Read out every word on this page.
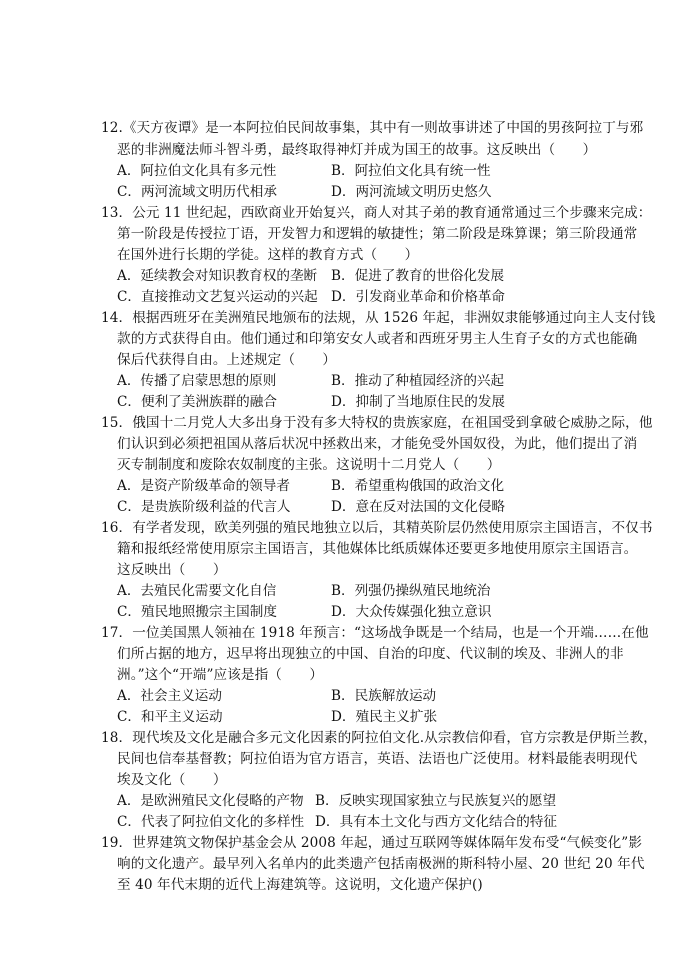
12.《天方夜谭》是一本阿拉伯民间故事集，其中有一则故事讲述了中国的男孩阿拉丁与邪
恶的非洲魔法师斗智斗勇，最终取得神灯并成为国王的故事。这反映出（　　）
A．阿拉伯文化具有多元性	B．阿拉伯文化具有统一性
C．两河流域文明历代相承	D．两河流域文明历史悠久
13．公元 11 世纪起，西欧商业开始复兴，商人对其子弟的教育通常通过三个步骤来完成：
第一阶段是传授拉丁语，开发智力和逻辑的敏捷性；第二阶段是珠算课；第三阶段通常
在国外进行长期的学徒。这样的教育方式（　　）
A．延续教会对知识教育权的垄断 B．促进了教育的世俗化发展
C．直接推动文艺复兴运动的兴起 D．引发商业革命和价格革命
14．根据西班牙在美洲殖民地颁布的法规，从 1526 年起，非洲奴隶能够通过向主人支付钱
款的方式获得自由。他们通过和印第安女人或者和西班牙男主人生育子女的方式也能确
保后代获得自由。上述规定（　　）
A．传播了启蒙思想的原则	B．推动了种植园经济的兴起
C．便利了美洲族群的融合	D．抑制了当地原住民的发展
15．俄国十二月党人大多出身于没有多大特权的贵族家庭，在祖国受到拿破仑威胁之际，他
们认识到必须把祖国从落后状况中拯救出来，才能免受外国奴役，为此，他们提出了消
灭专制制度和废除农奴制度的主张。这说明十二月党人（　　）
A．是资产阶级革命的领导者	B．希望重构俄国的政治文化
C．是贵族阶级利益的代言人	D．意在反对法国的文化侵略
16．有学者发现，欧美列强的殖民地独立以后，其精英阶层仍然使用原宗主国语言，不仅书
籍和报纸经常使用原宗主国语言，其他媒体比纸质媒体还要更多地使用原宗主国语言。
这反映出（　　）
A．去殖民化需要文化自信	B．列强仍操纵殖民地统治
C．殖民地照搬宗主国制度	D．大众传媒强化独立意识
17．一位美国黑人领袖在 1918 年预言：“这场战争既是一个结局，也是一个开端……在他
们所占据的地方，迟早将出现独立的中国、自治的印度、代议制的埃及、非洲人的非
洲。”这个“开端”应该是指（　　）
A．社会主义运动	B．民族解放运动
C．和平主义运动	D．殖民主义扩张
18．现代埃及文化是融合多元文化因素的阿拉伯文化.从宗教信仰看，官方宗教是伊斯兰教，
民间也信奉基督教；阿拉伯语为官方语言，英语、法语也广泛使用。材料最能表明现代
埃及文化（　　）
A．是欧洲殖民文化侵略的产物 B．反映实现国家独立与民族复兴的愿望
C．代表了阿拉伯文化的多样性 D．具有本土文化与西方文化结合的特征
19．世界建筑文物保护基金会从 2008 年起，通过互联网等媒体隔年发布受“气候变化”影
响的文化遗产。最早列入名单内的此类遗产包括南极洲的斯科特小屋、20 世纪 20 年代
至 40 年代末期的近代上海建筑等。这说明，文化遗产保护()
